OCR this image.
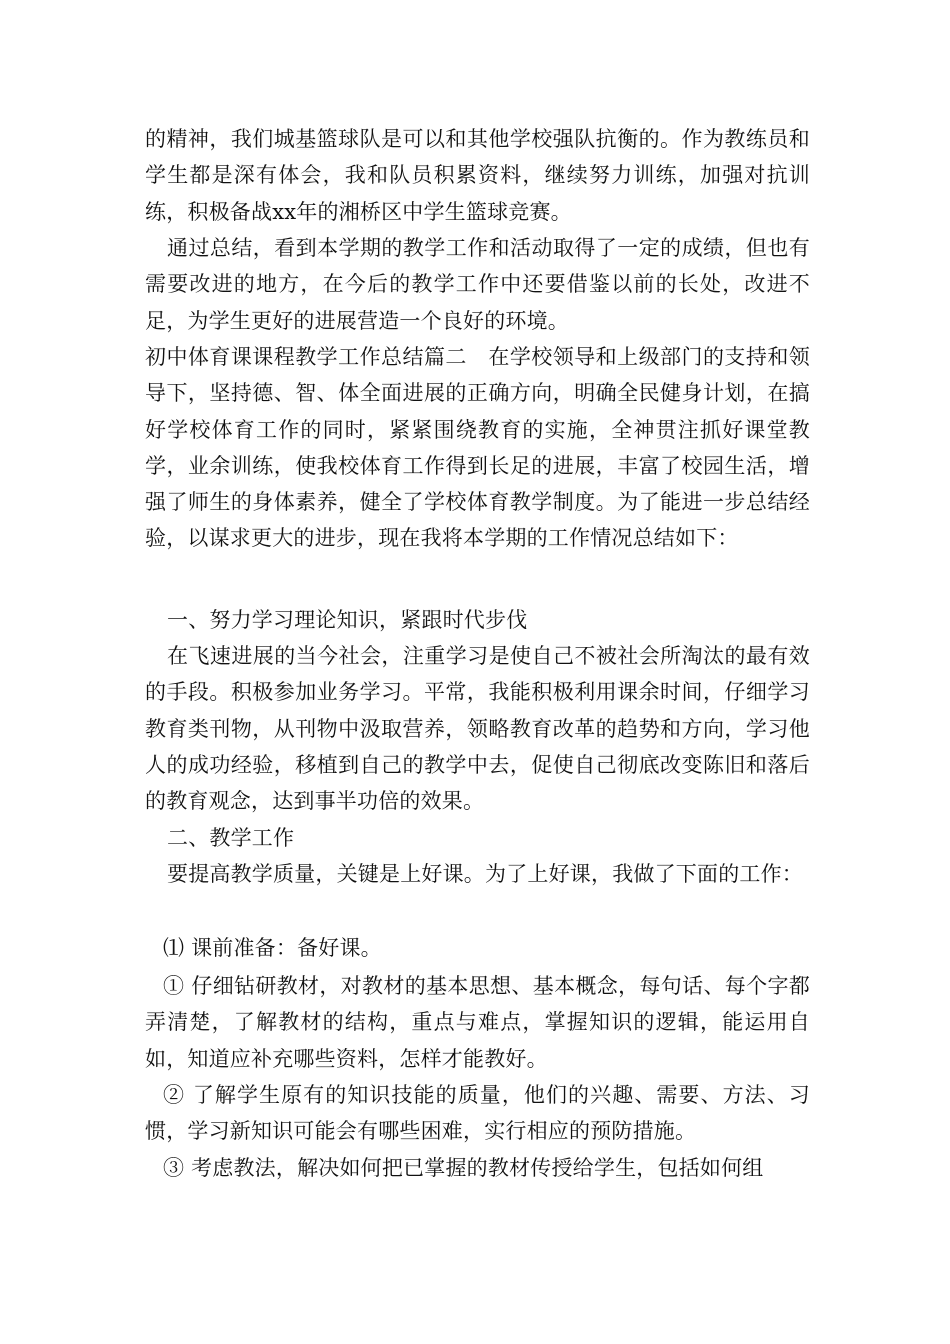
的精神，我们城基篮球队是可以和其他学校强队抗衡的。作为教练员和学生都是深有体会，我和队员积累资料，继续努力训练，加强对抗训练，积极备战xx年的湘桥区中学生篮球竞赛。

通过总结，看到本学期的教学工作和活动取得了一定的成绩，但也有需要改进的地方，在今后的教学工作中还要借鉴以前的长处，改进不足，为学生更好的进展营造一个良好的环境。

初中体育课课程教学工作总结篇二　在学校领导和上级部门的支持和领导下，坚持德、智、体全面进展的正确方向，明确全民健身计划，在搞好学校体育工作的同时，紧紧围绕教育的实施，全神贯注抓好课堂教学，业余训练，使我校体育工作得到长足的进展，丰富了校园生活，增强了师生的身体素养，健全了学校体育教学制度。为了能进一步总结经验，以谋求更大的进步，现在我将本学期的工作情况总结如下：

一、努力学习理论知识，紧跟时代步伐

在飞速进展的当今社会，注重学习是使自己不被社会所淘汰的最有效的手段。积极参加业务学习。平常，我能积极利用课余时间，仔细学习教育类刊物，从刊物中汲取营养，领略教育改革的趋势和方向，学习他人的成功经验，移植到自己的教学中去，促使自己彻底改变陈旧和落后的教育观念，达到事半功倍的效果。

二、教学工作

要提高教学质量，关键是上好课。为了上好课，我做了下面的工作：

⑴ 课前准备：备好课。

① 仔细钻研教材，对教材的基本思想、基本概念，每句话、每个字都弄清楚，了解教材的结构，重点与难点，掌握知识的逻辑，能运用自如，知道应补充哪些资料，怎样才能教好。

② 了解学生原有的知识技能的质量，他们的兴趣、需要、方法、习惯，学习新知识可能会有哪些困难，实行相应的预防措施。

③ 考虑教法，解决如何把已掌握的教材传授给学生，包括如何组
